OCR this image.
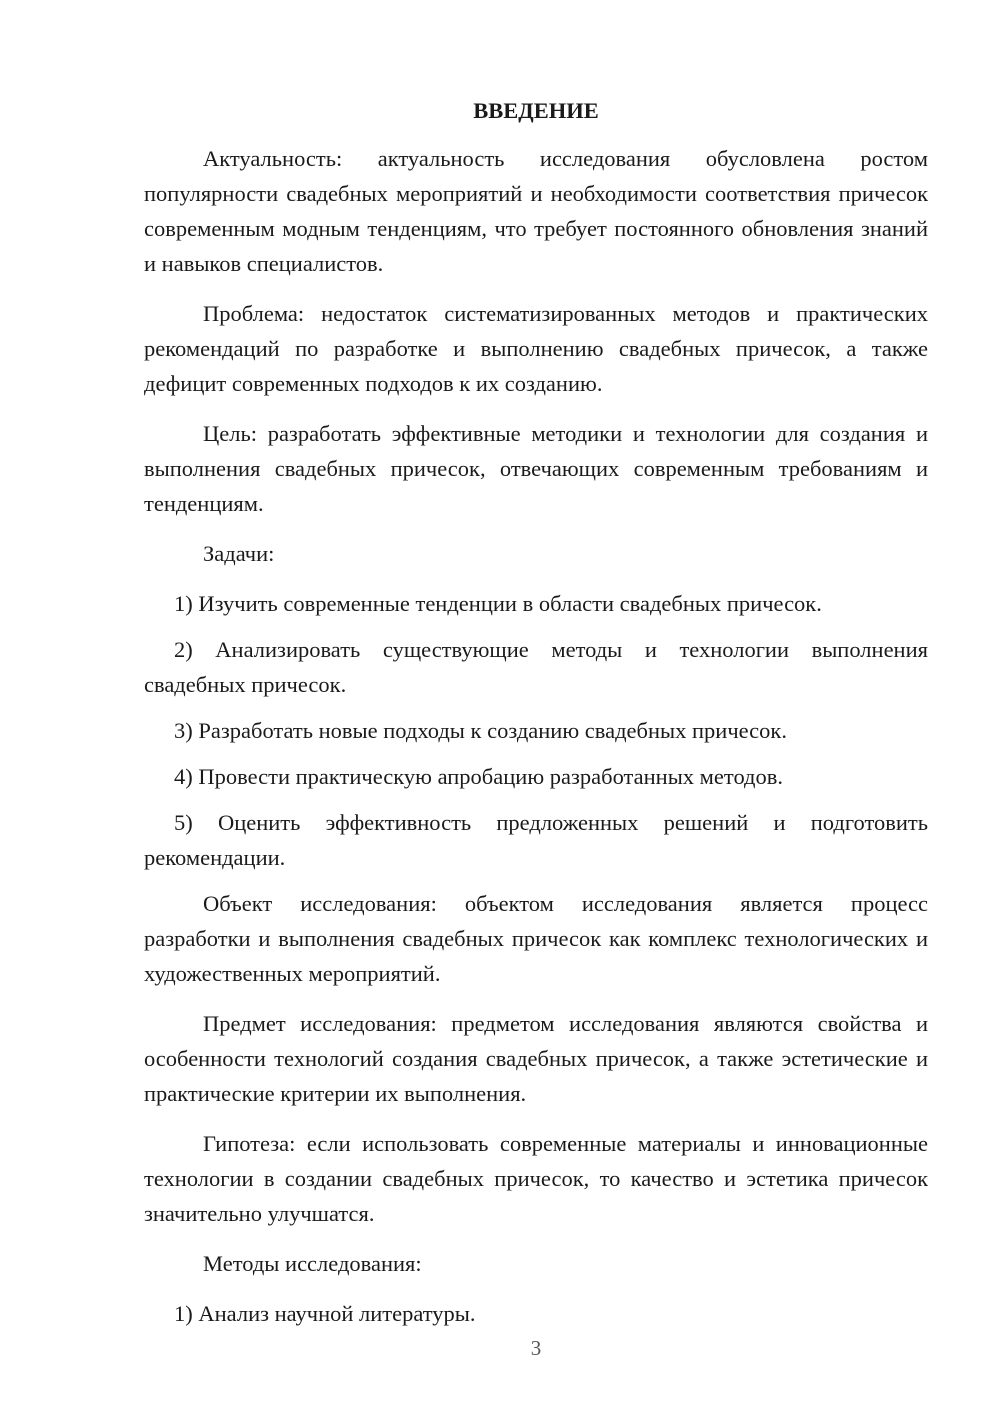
ВВЕДЕНИЕ

Актуальность: актуальность исследования обусловлена ростом популярности свадебных мероприятий и необходимости соответствия причесок современным модным тенденциям, что требует постоянного обновления знаний и навыков специалистов.

Проблема: недостаток систематизированных методов и практических рекомендаций по разработке и выполнению свадебных причесок, а также дефицит современных подходов к их созданию.

Цель: разработать эффективные методики и технологии для создания и выполнения свадебных причесок, отвечающих современным требованиям и тенденциям.

Задачи:

1) Изучить современные тенденции в области свадебных причесок.

2) Анализировать существующие методы и технологии выполнения свадебных причесок.

3) Разработать новые подходы к созданию свадебных причесок.

4) Провести практическую апробацию разработанных методов.

5) Оценить эффективность предложенных решений и подготовить рекомендации.

Объект исследования: объектом исследования является процесс разработки и выполнения свадебных причесок как комплекс технологических и художественных мероприятий.

Предмет исследования: предметом исследования являются свойства и особенности технологий создания свадебных причесок, а также эстетические и практические критерии их выполнения.

Гипотеза: если использовать современные материалы и инновационные технологии в создании свадебных причесок, то качество и эстетика причесок значительно улучшатся.

Методы исследования:

1) Анализ научной литературы.

3
